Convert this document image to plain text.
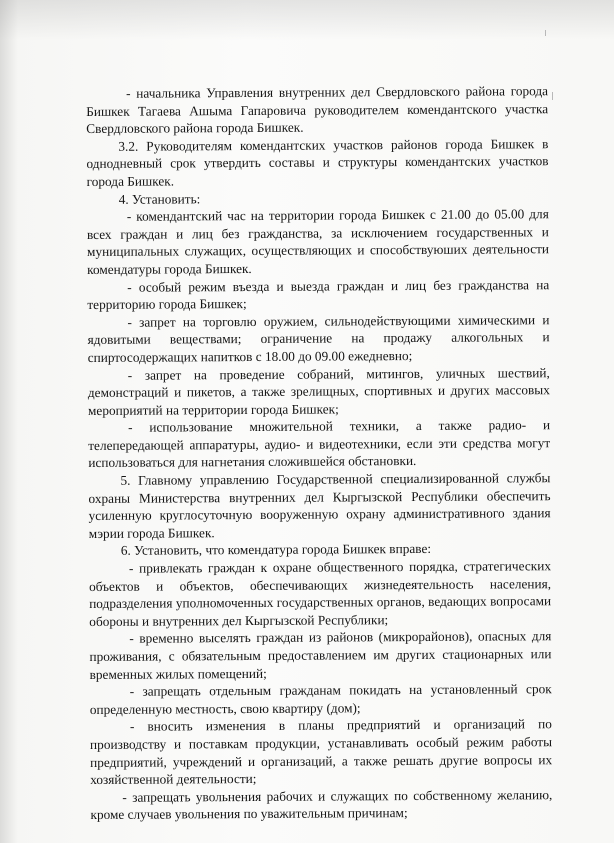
- начальника Управления внутренних дел Свердловского района города Бишкек Тагаева Ашыма Гапаровича руководителем комендантского участка Свердловского района города Бишкек.

3.2. Руководителям комендантских участков районов города Бишкек в однодневный срок утвердить составы и структуры комендантских участков города Бишкек.

4. Установить:

- комендантский час на территории города Бишкек с 21.00 до 05.00 для всех граждан и лиц без гражданства, за исключением государственных и муниципальных служащих, осуществляющих и способствуюших деятельности комендатуры города Бишкек.

- особый режим въезда и выезда граждан и лиц без гражданства на территорию города Бишкек;

- запрет на торговлю оружием, сильнодействующими химическими и ядовитыми веществами; ограничение на продажу алкогольных и спиртосодержащих напитков с 18.00 до 09.00 ежедневно;

- запрет на проведение собраний, митингов, уличных шествий, демонстраций и пикетов, а также зрелищных, спортивных и других массовых мероприятий на территории города Бишкек;

- использование множительной техники, а также радио- и телепередающей аппаратуры, аудио- и видеотехники, если эти средства могут использоваться для нагнетания сложившейся обстановки.

5. Главному управлению Государственной специализированной службы охраны Министерства внутренних дел Кыргызской Республики обеспечить усиленную круглосуточную вооруженную охрану административного здания мэрии города Бишкек.

6. Установить, что комендатура города Бишкек вправе:

- привлекать граждан к охране общественного порядка, стратегических объектов и объектов, обеспечивающих жизнедеятельность населения, подразделения уполномоченных государственных органов, ведающих вопросами обороны и внутренних дел Кыргызской Республики;

- временно выселять граждан из районов (микрорайонов), опасных для проживания, с обязательным предоставлением им других стационарных или временных жилых помещений;

- запрещать отдельным гражданам покидать на установленный срок определенную местность, свою квартиру (дом);

- вносить изменения в планы предприятий и организаций по производству и поставкам продукции, устанавливать особый режим работы предприятий, учреждений и организаций, а также решать другие вопросы их хозяйственной деятельности;

- запрещать увольнения рабочих и служащих по собственному желанию, кроме случаев увольнения по уважительным причинам;
